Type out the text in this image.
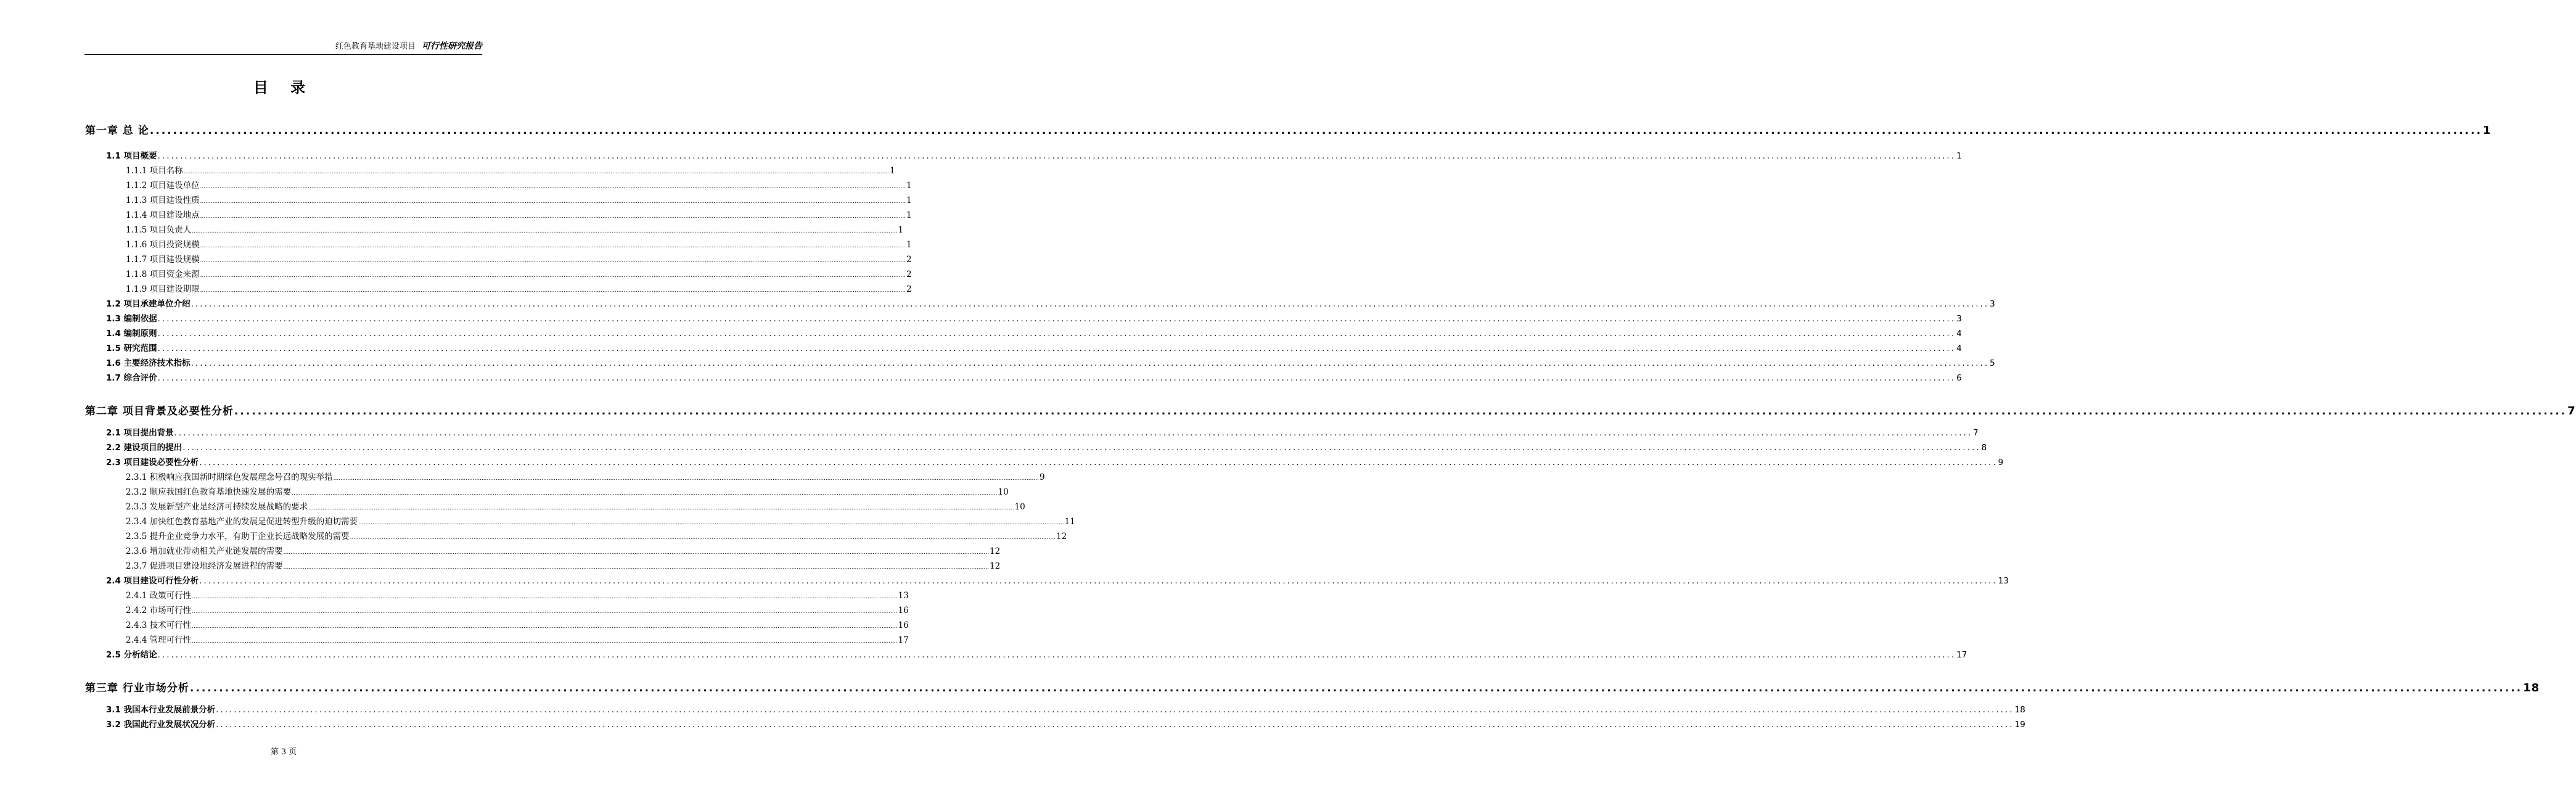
红色教育基地建设项目 可行性研究报告
目 录
第一章 总 论 ................................................................................................................................................................................................................................................................................................................................................................................................................ 1
1.1 项目概要 ................................................................................................................................................................................................................................................................................................................................................................................................................ 1
1.1.1 项目名称 ................................................................................................................................................................................................................................................................................................................................................................................................................ 1
1.1.2 项目建设单位 ................................................................................................................................................................................................................................................................................................................................................................................................................ 1
1.1.3 项目建设性质 ................................................................................................................................................................................................................................................................................................................................................................................................................ 1
1.1.4 项目建设地点 ................................................................................................................................................................................................................................................................................................................................................................................................................ 1
1.1.5 项目负责人 ................................................................................................................................................................................................................................................................................................................................................................................................................ 1
1.1.6 项目投资规模 ................................................................................................................................................................................................................................................................................................................................................................................................................ 1
1.1.7 项目建设规模 ................................................................................................................................................................................................................................................................................................................................................................................................................ 2
1.1.8 项目资金来源 ................................................................................................................................................................................................................................................................................................................................................................................................................ 2
1.1.9 项目建设期限 ................................................................................................................................................................................................................................................................................................................................................................................................................ 2
1.2 项目承建单位介绍 ................................................................................................................................................................................................................................................................................................................................................................................................................ 3
1.3 编制依据 ................................................................................................................................................................................................................................................................................................................................................................................................................ 3
1.4 编制原则 ................................................................................................................................................................................................................................................................................................................................................................................................................ 4
1.5 研究范围 ................................................................................................................................................................................................................................................................................................................................................................................................................ 4
1.6 主要经济技术指标 ................................................................................................................................................................................................................................................................................................................................................................................................................ 5
1.7 综合评价 ................................................................................................................................................................................................................................................................................................................................................................................................................ 6
第二章 项目背景及必要性分析 ................................................................................................................................................................................................................................................................................................................................................................................................................ 7
2.1 项目提出背景 ................................................................................................................................................................................................................................................................................................................................................................................................................ 7
2.2 建设项目的提出 ................................................................................................................................................................................................................................................................................................................................................................................................................ 8
2.3 项目建设必要性分析 ................................................................................................................................................................................................................................................................................................................................................................................................................ 9
2.3.1 积极响应我国新时期绿色发展理念号召的现实举措 ................................................................................................................................................................................................................................................................................................................................................................................................................ 9
2.3.2 顺应我国红色教育基地快速发展的需要 ................................................................................................................................................................................................................................................................................................................................................................................................................ 10
2.3.3 发展新型产业是经济可持续发展战略的要求 ................................................................................................................................................................................................................................................................................................................................................................................................................ 10
2.3.4 加快红色教育基地产业的发展是促进转型升级的迫切需要 ................................................................................................................................................................................................................................................................................................................................................................................................................ 11
2.3.5 提升企业竞争力水平，有助于企业长远战略发展的需要 ................................................................................................................................................................................................................................................................................................................................................................................................................ 12
2.3.6 增加就业带动相关产业链发展的需要 ................................................................................................................................................................................................................................................................................................................................................................................................................ 12
2.3.7 促进项目建设地经济发展进程的需要 ................................................................................................................................................................................................................................................................................................................................................................................................................ 12
2.4 项目建设可行性分析 ................................................................................................................................................................................................................................................................................................................................................................................................................ 13
2.4.1 政策可行性 ................................................................................................................................................................................................................................................................................................................................................................................................................ 13
2.4.2 市场可行性 ................................................................................................................................................................................................................................................................................................................................................................................................................ 16
2.4.3 技术可行性 ................................................................................................................................................................................................................................................................................................................................................................................................................ 16
2.4.4 管理可行性 ................................................................................................................................................................................................................................................................................................................................................................................................................ 17
2.5 分析结论 ................................................................................................................................................................................................................................................................................................................................................................................................................ 17
第三章 行业市场分析 ................................................................................................................................................................................................................................................................................................................................................................................................................ 18
3.1 我国本行业发展前景分析 ................................................................................................................................................................................................................................................................................................................................................................................................................ 18
3.2 我国此行业发展状况分析 ................................................................................................................................................................................................................................................................................................................................................................................................................ 19
第 3 页
